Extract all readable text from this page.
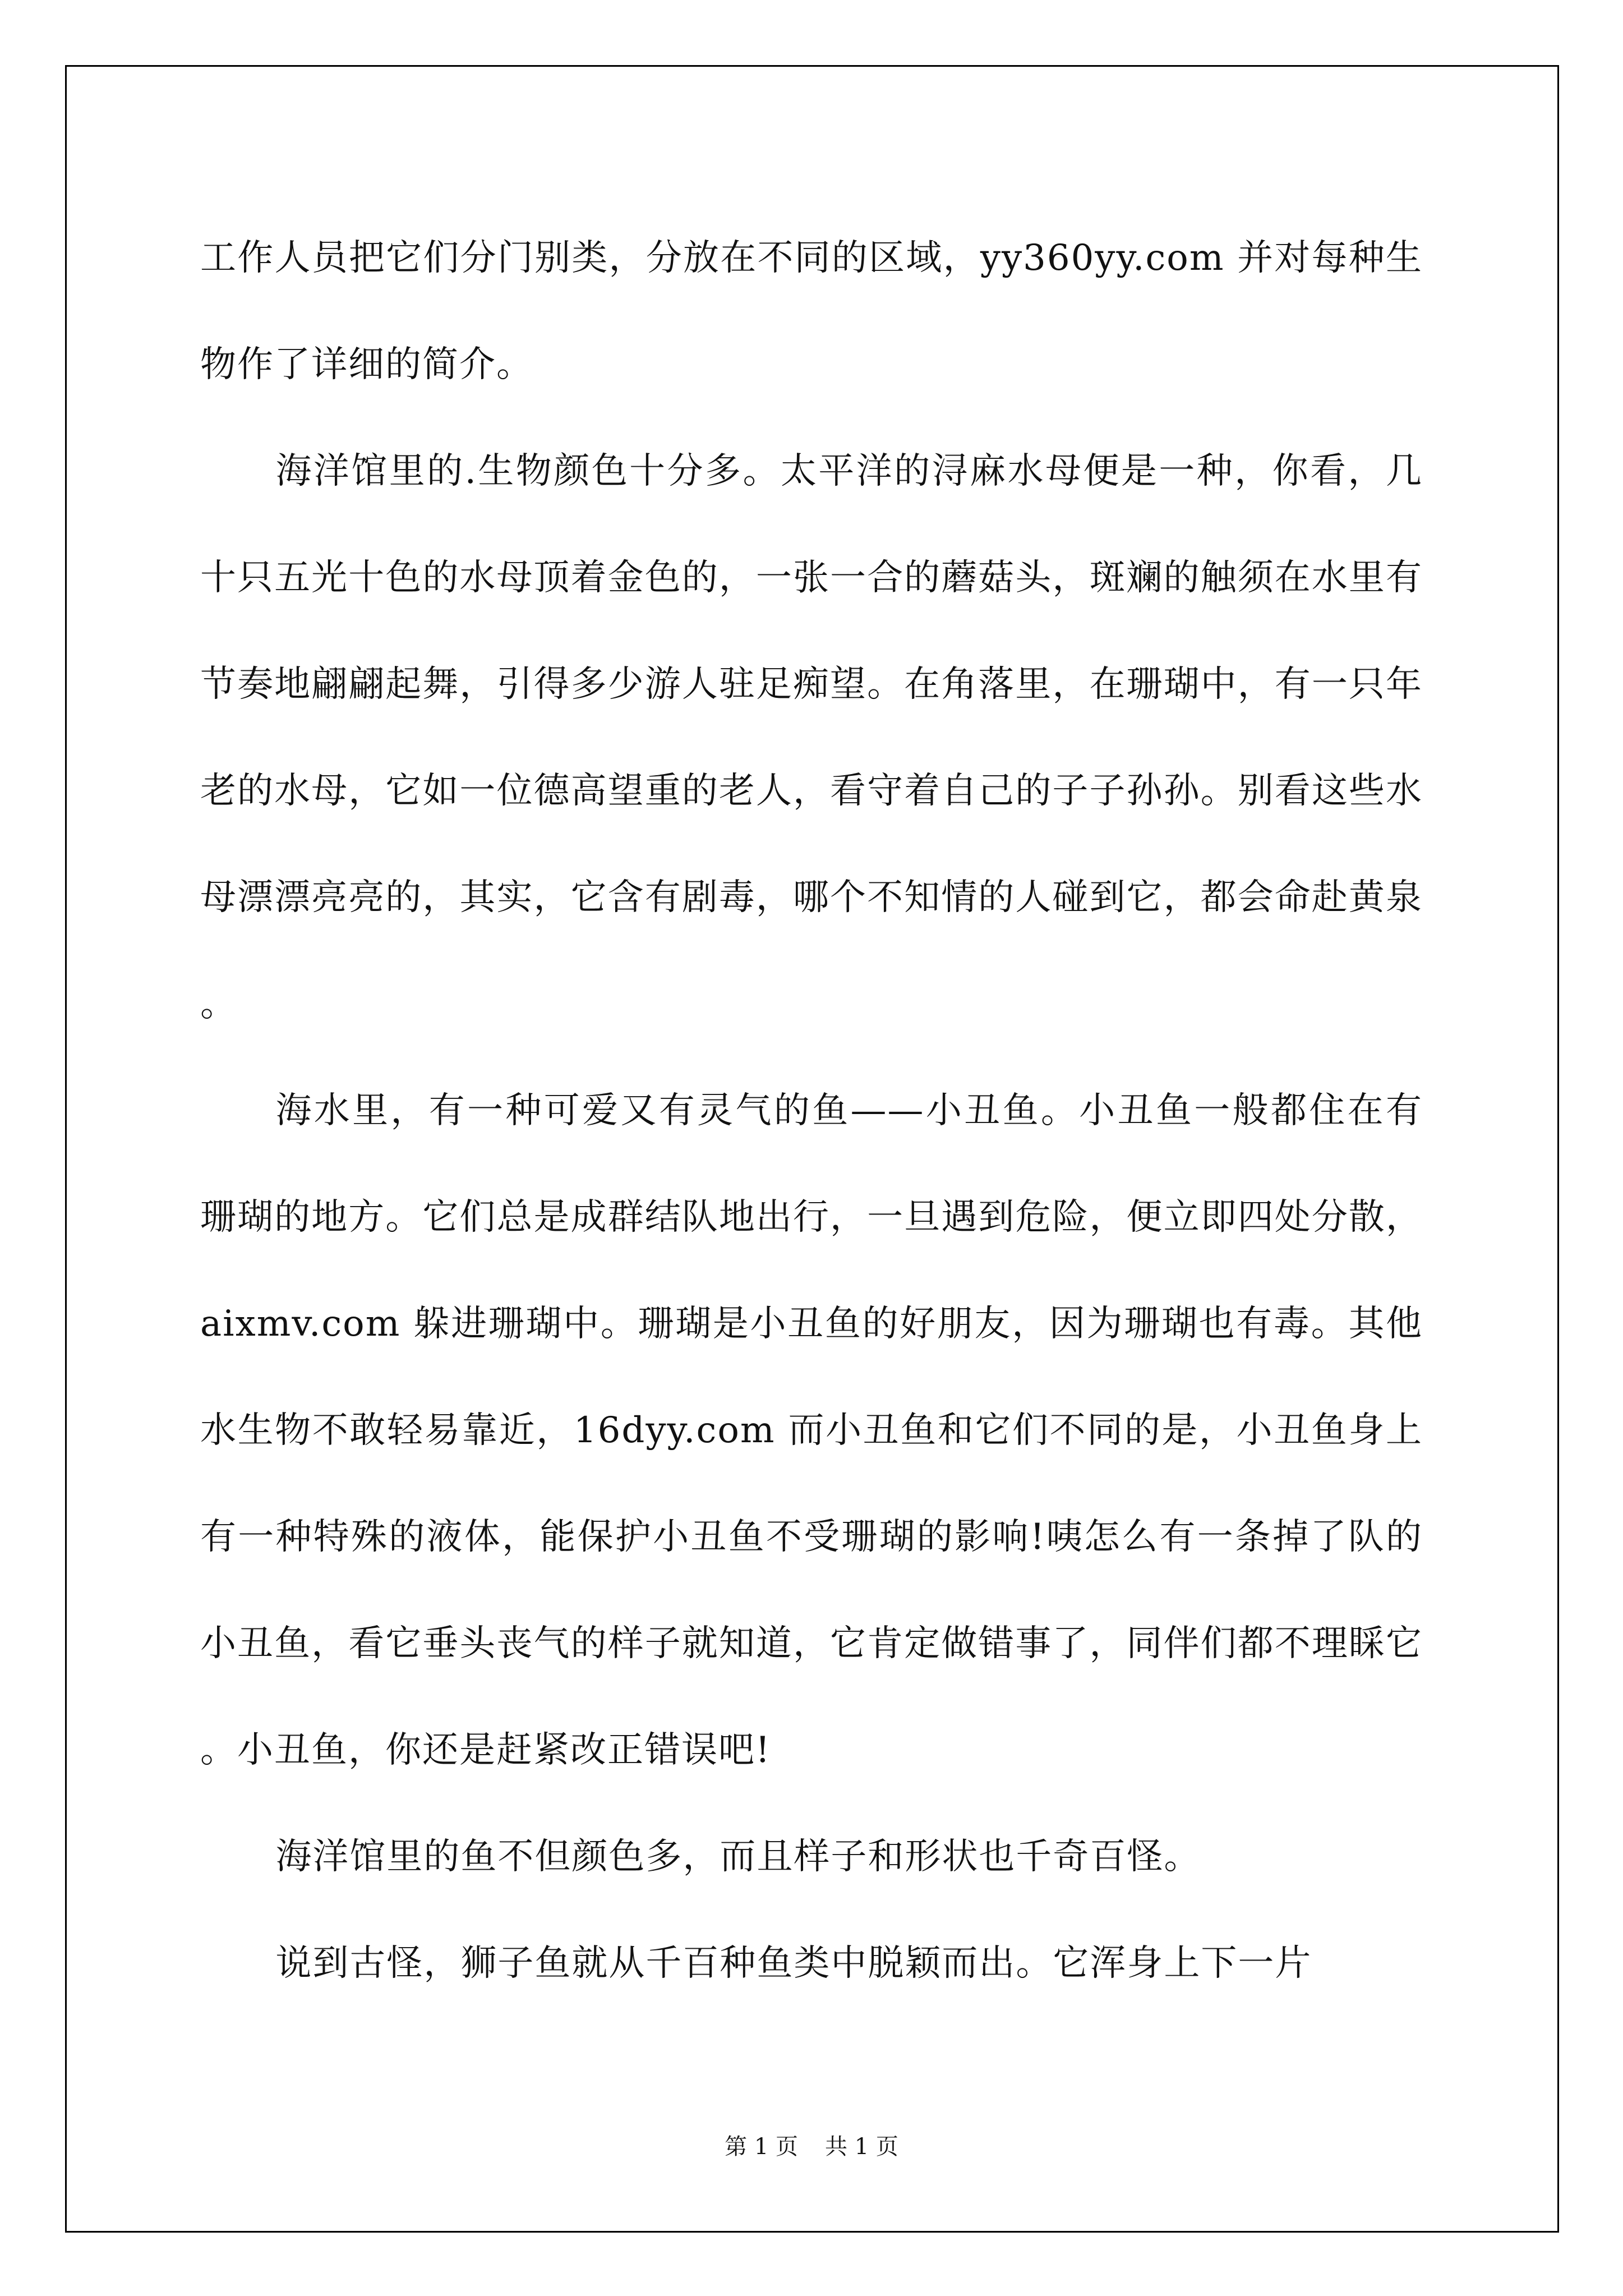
工作人员把它们分门别类，分放在不同的区域，yy360yy.com 并对每种生物作了详细的简介。

海洋馆里的.生物颜色十分多。太平洋的浔麻水母便是一种，你看，几十只五光十色的水母顶着金色的，一张一合的蘑菇头，斑斓的触须在水里有节奏地翩翩起舞，引得多少游人驻足痴望。在角落里，在珊瑚中，有一只年老的水母，它如一位德高望重的老人，看守着自己的子子孙孙。别看这些水母漂漂亮亮的，其实，它含有剧毒，哪个不知情的人碰到它，都会命赴黄泉。

海水里，有一种可爱又有灵气的鱼——小丑鱼。小丑鱼一般都住在有珊瑚的地方。它们总是成群结队地出行，一旦遇到危险，便立即四处分散，aixmv.com 躲进珊瑚中。珊瑚是小丑鱼的好朋友，因为珊瑚也有毒。其他水生物不敢轻易靠近，16dyy.com 而小丑鱼和它们不同的是，小丑鱼身上有一种特殊的液体，能保护小丑鱼不受珊瑚的影响!咦怎么有一条掉了队的小丑鱼，看它垂头丧气的样子就知道，它肯定做错事了，同伴们都不理睬它。小丑鱼，你还是赶紧改正错误吧!

海洋馆里的鱼不但颜色多，而且样子和形状也千奇百怪。

说到古怪，狮子鱼就从千百种鱼类中脱颖而出。它浑身上下一片

第 1 页 共 1 页
